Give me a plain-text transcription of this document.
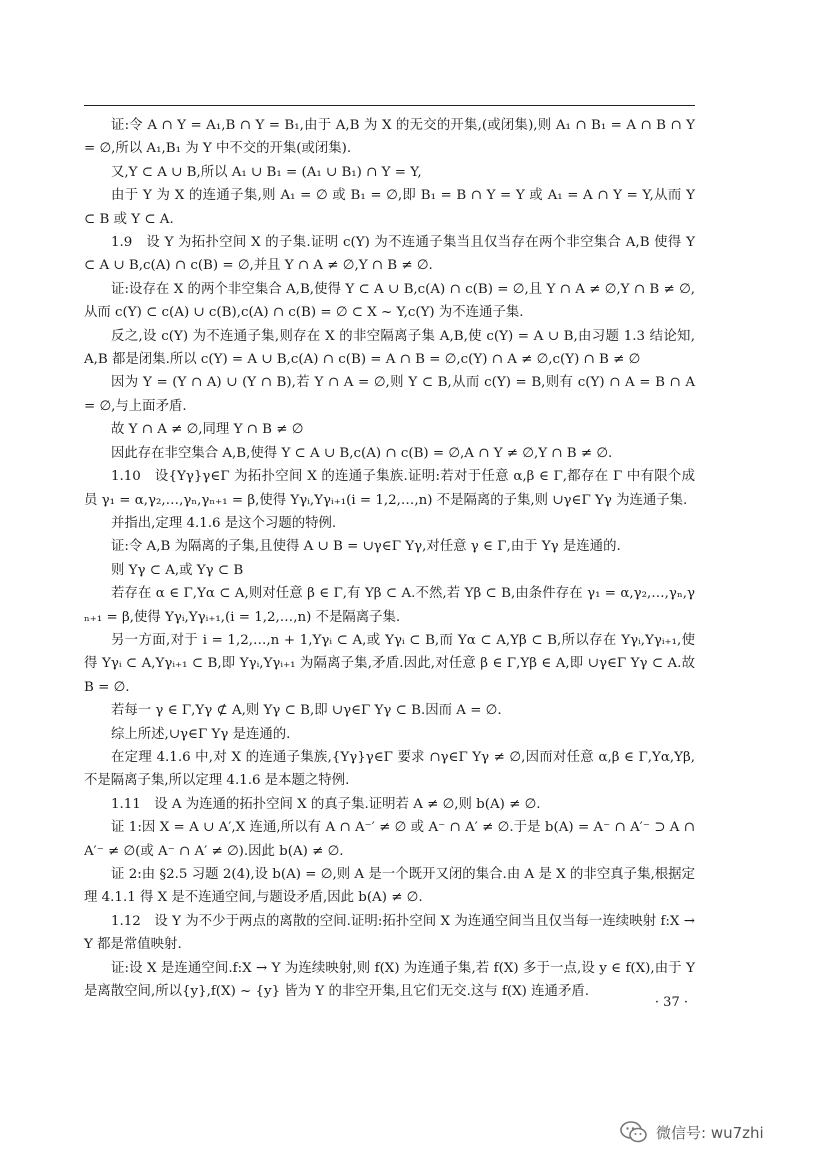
证:令 A ∩ Y = A₁,B ∩ Y = B₁,由于 A,B 为 X 的无交的开集,(或闭集),则 A₁ ∩ B₁ = A ∩ B ∩ Y = ∅,所以 A₁,B₁ 为 Y 中不交的开集(或闭集).

又,Y ⊂ A ∪ B,所以 A₁ ∪ B₁ = (A₁ ∪ B₁) ∩ Y = Y,

由于 Y 为 X 的连通子集,则 A₁ = ∅ 或 B₁ = ∅,即 B₁ = B ∩ Y = Y 或 A₁ = A ∩ Y = Y,从而 Y ⊂ B 或 Y ⊂ A.

1.9　设 Y 为拓扑空间 X 的子集.证明 c(Y) 为不连通子集当且仅当存在两个非空集合 A,B 使得 Y ⊂ A ∪ B,c(A) ∩ c(B) = ∅,并且 Y ∩ A ≠ ∅,Y ∩ B ≠ ∅.

证:设存在 X 的两个非空集合 A,B,使得 Y ⊂ A ∪ B,c(A) ∩ c(B) = ∅,且 Y ∩ A ≠ ∅,Y ∩ B ≠ ∅,从而 c(Y) ⊂ c(A) ∪ c(B),c(A) ∩ c(B) = ∅ ⊂ X ~ Y,c(Y) 为不连通子集.

反之,设 c(Y) 为不连通子集,则存在 X 的非空隔离子集 A,B,使 c(Y) = A ∪ B,由习题 1.3 结论知,A,B 都是闭集.所以 c(Y) = A ∪ B,c(A) ∩ c(B) = A ∩ B = ∅,c(Y) ∩ A ≠ ∅,c(Y) ∩ B ≠ ∅

因为 Y = (Y ∩ A) ∪ (Y ∩ B),若 Y ∩ A = ∅,则 Y ⊂ B,从而 c(Y) = B,则有 c(Y) ∩ A = B ∩ A = ∅,与上面矛盾.

故 Y ∩ A ≠ ∅,同理 Y ∩ B ≠ ∅

因此存在非空集合 A,B,使得 Y ⊂ A ∪ B,c(A) ∩ c(B) = ∅,A ∩ Y ≠ ∅,Y ∩ B ≠ ∅.

1.10　设{Yγ}γ∈Γ 为拓扑空间 X 的连通子集族.证明:若对于任意 α,β ∈ Γ,都存在 Γ 中有限个成员 γ₁ = α,γ₂,…,γₙ,γₙ₊₁ = β,使得 Yγᵢ,Yγᵢ₊₁(i = 1,2,…,n) 不是隔离的子集,则 ∪γ∈Γ Yγ 为连通子集.

并指出,定理 4.1.6 是这个习题的特例.

证:令 A,B 为隔离的子集,且使得 A ∪ B = ∪γ∈Γ Yγ,对任意 γ ∈ Γ,由于 Yγ 是连通的.

则 Yγ ⊂ A,或 Yγ ⊂ B

若存在 α ∈ Γ,Yα ⊂ A,则对任意 β ∈ Γ,有 Yβ ⊂ A.不然,若 Yβ ⊂ B,由条件存在 γ₁ = α,γ₂,…,γₙ,γₙ₊₁ = β,使得 Yγᵢ,Yγᵢ₊₁,(i = 1,2,…,n) 不是隔离子集.

另一方面,对于 i = 1,2,…,n + 1,Yγᵢ ⊂ A,或 Yγᵢ ⊂ B,而 Yα ⊂ A,Yβ ⊂ B,所以存在 Yγᵢ,Yγᵢ₊₁,使得 Yγᵢ ⊂ A,Yγᵢ₊₁ ⊂ B,即 Yγᵢ,Yγᵢ₊₁ 为隔离子集,矛盾.因此,对任意 β ∈ Γ,Yβ ∈ A,即 ∪γ∈Γ Yγ ⊂ A.故 B = ∅.

若每一 γ ∈ Γ,Yγ ⊄ A,则 Yγ ⊂ B,即 ∪γ∈Γ Yγ ⊂ B.因而 A = ∅.

综上所述,∪γ∈Γ Yγ 是连通的.

在定理 4.1.6 中,对 X 的连通子集族,{Yγ}γ∈Γ 要求 ∩γ∈Γ Yγ ≠ ∅,因而对任意 α,β ∈ Γ,Yα,Yβ,不是隔离子集,所以定理 4.1.6 是本题之特例.

1.11　设 A 为连通的拓扑空间 X 的真子集.证明若 A ≠ ∅,则 b(A) ≠ ∅.

证 1:因 X = A ∪ A′,X 连通,所以有 A ∩ A⁻′ ≠ ∅ 或 A⁻ ∩ A′ ≠ ∅.于是 b(A) = A⁻ ∩ A′⁻ ⊃ A ∩ A′⁻ ≠ ∅(或 A⁻ ∩ A′ ≠ ∅).因此 b(A) ≠ ∅.

证 2:由 §2.5 习题 2(4),设 b(A) = ∅,则 A 是一个既开又闭的集合.由 A 是 X 的非空真子集,根据定理 4.1.1 得 X 是不连通空间,与题设矛盾,因此 b(A) ≠ ∅.

1.12　设 Y 为不少于两点的离散的空间.证明:拓扑空间 X 为连通空间当且仅当每一连续映射 f:X → Y 都是常值映射.

证:设 X 是连通空间.f:X → Y 为连续映射,则 f(X) 为连通子集,若 f(X) 多于一点,设 y ∈ f(X),由于 Y 是离散空间,所以{y},f(X) ~ {y} 皆为 Y 的非空开集,且它们无交.这与 f(X) 连通矛盾.

· 37 ·
微信号: wu7zhi
